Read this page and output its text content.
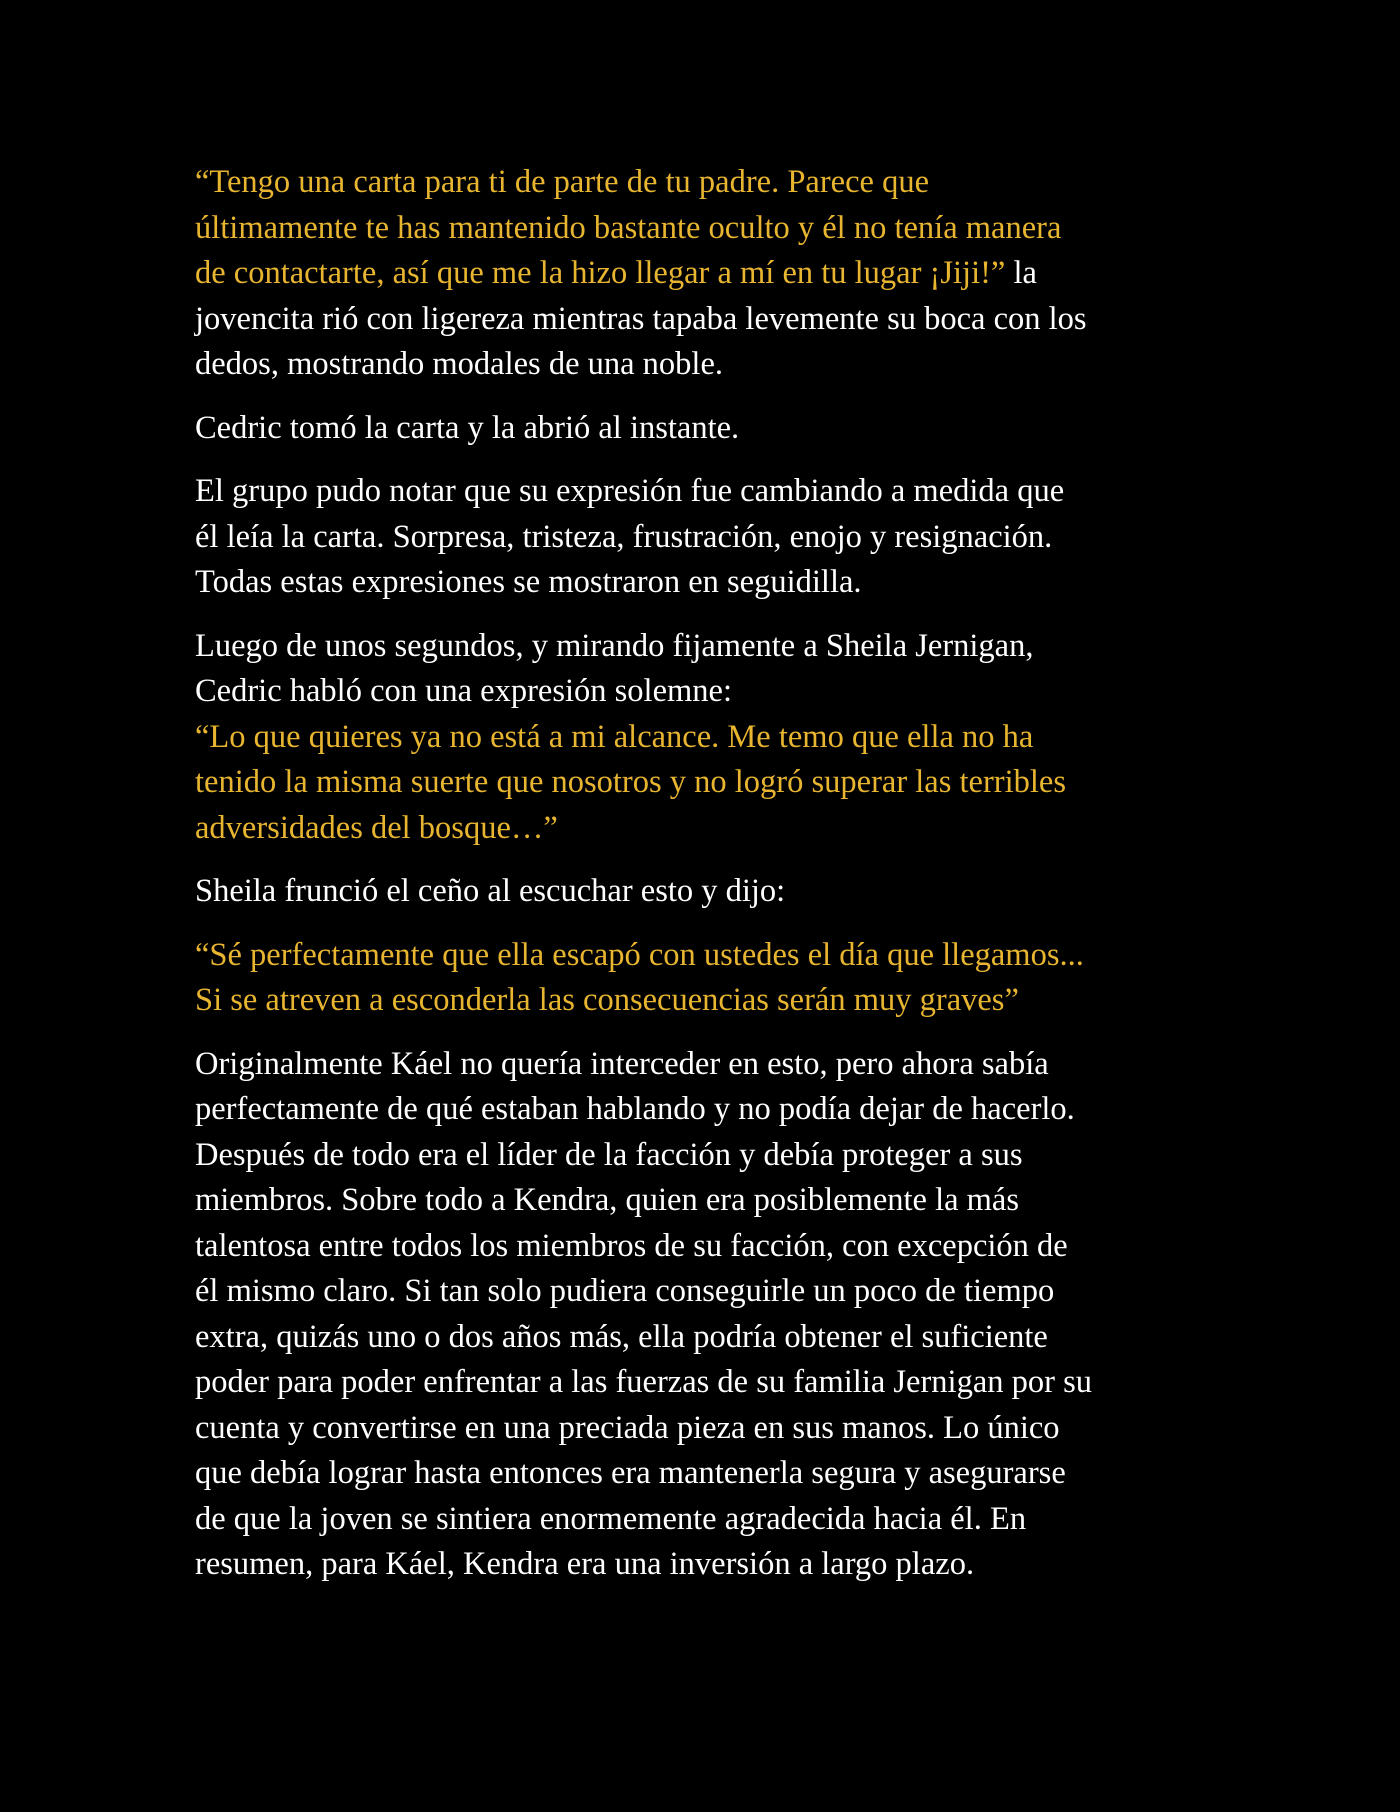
“Tengo una carta para ti de parte de tu padre. Parece que
últimamente te has mantenido bastante oculto y él no tenía manera
de contactarte, así que me la hizo llegar a mí en tu lugar ¡Jiji!” la
jovencita rió con ligereza mientras tapaba levemente su boca con los
dedos, mostrando modales de una noble.
Cedric tomó la carta y la abrió al instante.
El grupo pudo notar que su expresión fue cambiando a medida que
él leía la carta. Sorpresa, tristeza, frustración, enojo y resignación.
Todas estas expresiones se mostraron en seguidilla.
Luego de unos segundos, y mirando fijamente a Sheila Jernigan,
Cedric habló con una expresión solemne:
“Lo que quieres ya no está a mi alcance. Me temo que ella no ha
tenido la misma suerte que nosotros y no logró superar las terribles
adversidades del bosque…”
Sheila frunció el ceño al escuchar esto y dijo:
“Sé perfectamente que ella escapó con ustedes el día que llegamos...
Si se atreven a esconderla las consecuencias serán muy graves”
Originalmente Káel no quería interceder en esto, pero ahora sabía
perfectamente de qué estaban hablando y no podía dejar de hacerlo.
Después de todo era el líder de la facción y debía proteger a sus
miembros. Sobre todo a Kendra, quien era posiblemente la más
talentosa entre todos los miembros de su facción, con excepción de
él mismo claro. Si tan solo pudiera conseguirle un poco de tiempo
extra, quizás uno o dos años más, ella podría obtener el suficiente
poder para poder enfrentar a las fuerzas de su familia Jernigan por su
cuenta y convertirse en una preciada pieza en sus manos. Lo único
que debía lograr hasta entonces era mantenerla segura y asegurarse
de que la joven se sintiera enormemente agradecida hacia él. En
resumen, para Káel, Kendra era una inversión a largo plazo.
